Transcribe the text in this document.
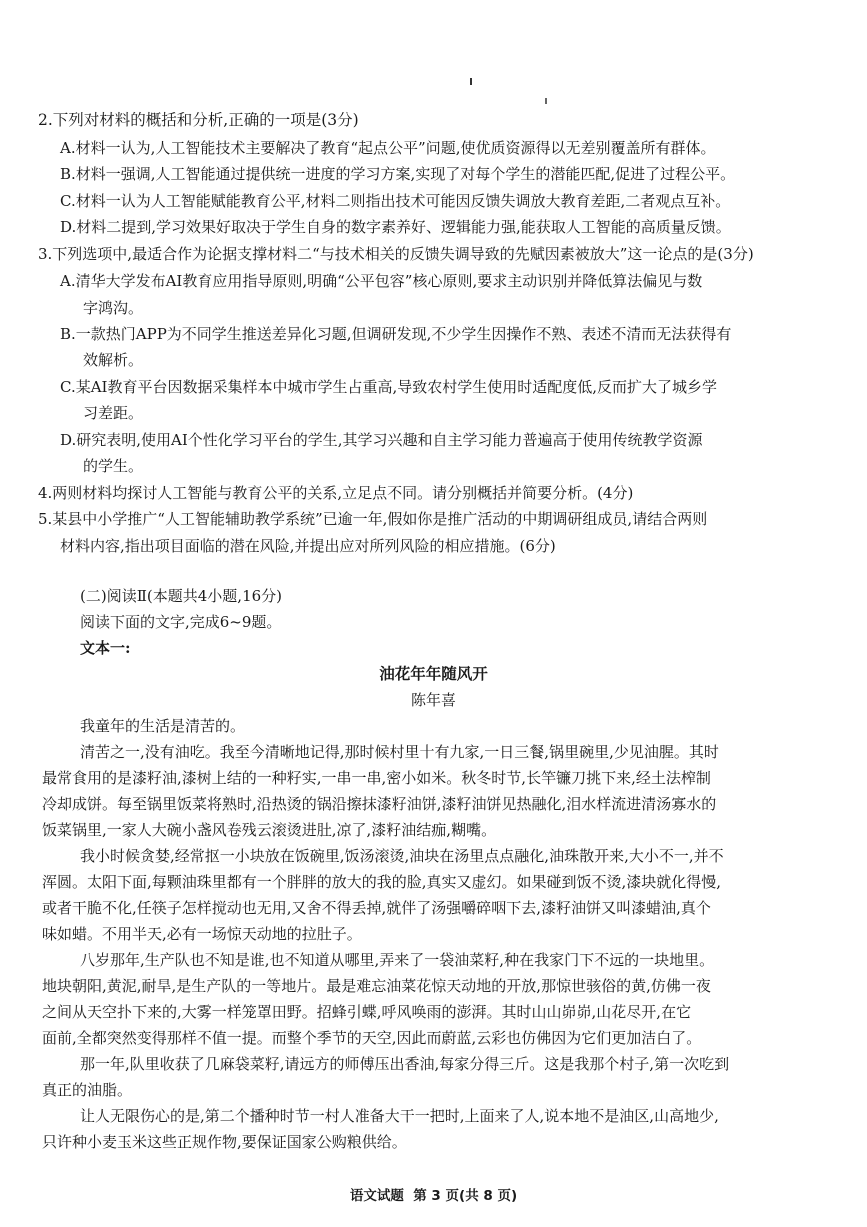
2.下列对材料的概括和分析,正确的一项是(3分)
A.材料一认为,人工智能技术主要解决了教育“起点公平”问题,使优质资源得以无差别覆盖所有群体。
B.材料一强调,人工智能通过提供统一进度的学习方案,实现了对每个学生的潜能匹配,促进了过程公平。
C.材料一认为人工智能赋能教育公平,材料二则指出技术可能因反馈失调放大教育差距,二者观点互补。
D.材料二提到,学习效果好取决于学生自身的数字素养好、逻辑能力强,能获取人工智能的高质量反馈。
3.下列选项中,最适合作为论据支撑材料二“与技术相关的反馈失调导致的先赋因素被放大”这一论点的是(3分)
A.清华大学发布AI教育应用指导原则,明确“公平包容”核心原则,要求主动识别并降低算法偏见与数
字鸿沟。
B.一款热门APP为不同学生推送差异化习题,但调研发现,不少学生因操作不熟、表述不清而无法获得有
效解析。
C.某AI教育平台因数据采集样本中城市学生占重高,导致农村学生使用时适配度低,反而扩大了城乡学
习差距。
D.研究表明,使用AI个性化学习平台的学生,其学习兴趣和自主学习能力普遍高于使用传统教学资源
的学生。
4.两则材料均探讨人工智能与教育公平的关系,立足点不同。请分别概括并简要分析。(4分)
5.某县中小学推广“人工智能辅助教学系统”已逾一年,假如你是推广活动的中期调研组成员,请结合两则
材料内容,指出项目面临的潜在风险,并提出应对所列风险的相应措施。(6分)
(二)阅读Ⅱ(本题共4小题,16分)
阅读下面的文字,完成6~9题。
文本一:
油花年年随风开
陈年喜
我童年的生活是清苦的。
清苦之一,没有油吃。我至今清晰地记得,那时候村里十有九家,一日三餐,锅里碗里,少见油腥。其时
最常食用的是漆籽油,漆树上结的一种籽实,一串一串,密小如米。秋冬时节,长竿镰刀挑下来,经土法榨制
冷却成饼。每至锅里饭菜将熟时,沿热烫的锅沿擦抹漆籽油饼,漆籽油饼见热融化,泪水样流进清汤寡水的
饭菜锅里,一家人大碗小盏风卷残云滚烫进肚,凉了,漆籽油结痂,糊嘴。
我小时候贪婪,经常抠一小块放在饭碗里,饭汤滚烫,油块在汤里点点融化,油珠散开来,大小不一,并不
浑圆。太阳下面,每颗油珠里都有一个胖胖的放大的我的脸,真实又虚幻。如果碰到饭不烫,漆块就化得慢,
或者干脆不化,任筷子怎样搅动也无用,又舍不得丢掉,就伴了汤强嚼碎咽下去,漆籽油饼又叫漆蜡油,真个
味如蜡。不用半天,必有一场惊天动地的拉肚子。
八岁那年,生产队也不知是谁,也不知道从哪里,弄来了一袋油菜籽,种在我家门下不远的一块地里。
地块朝阳,黄泥,耐旱,是生产队的一等地片。最是难忘油菜花惊天动地的开放,那惊世骇俗的黄,仿佛一夜
之间从天空扑下来的,大雾一样笼罩田野。招蜂引蝶,呼风唤雨的澎湃。其时山山峁峁,山花尽开,在它
面前,全都突然变得那样不值一提。而整个季节的天空,因此而蔚蓝,云彩也仿佛因为它们更加洁白了。
那一年,队里收获了几麻袋菜籽,请远方的师傅压出香油,每家分得三斤。这是我那个村子,第一次吃到
真正的油脂。
让人无限伤心的是,第二个播种时节一村人准备大干一把时,上面来了人,说本地不是油区,山高地少,
只许种小麦玉米这些正规作物,要保证国家公购粮供给。
语文试题  第 3 页(共 8 页)
